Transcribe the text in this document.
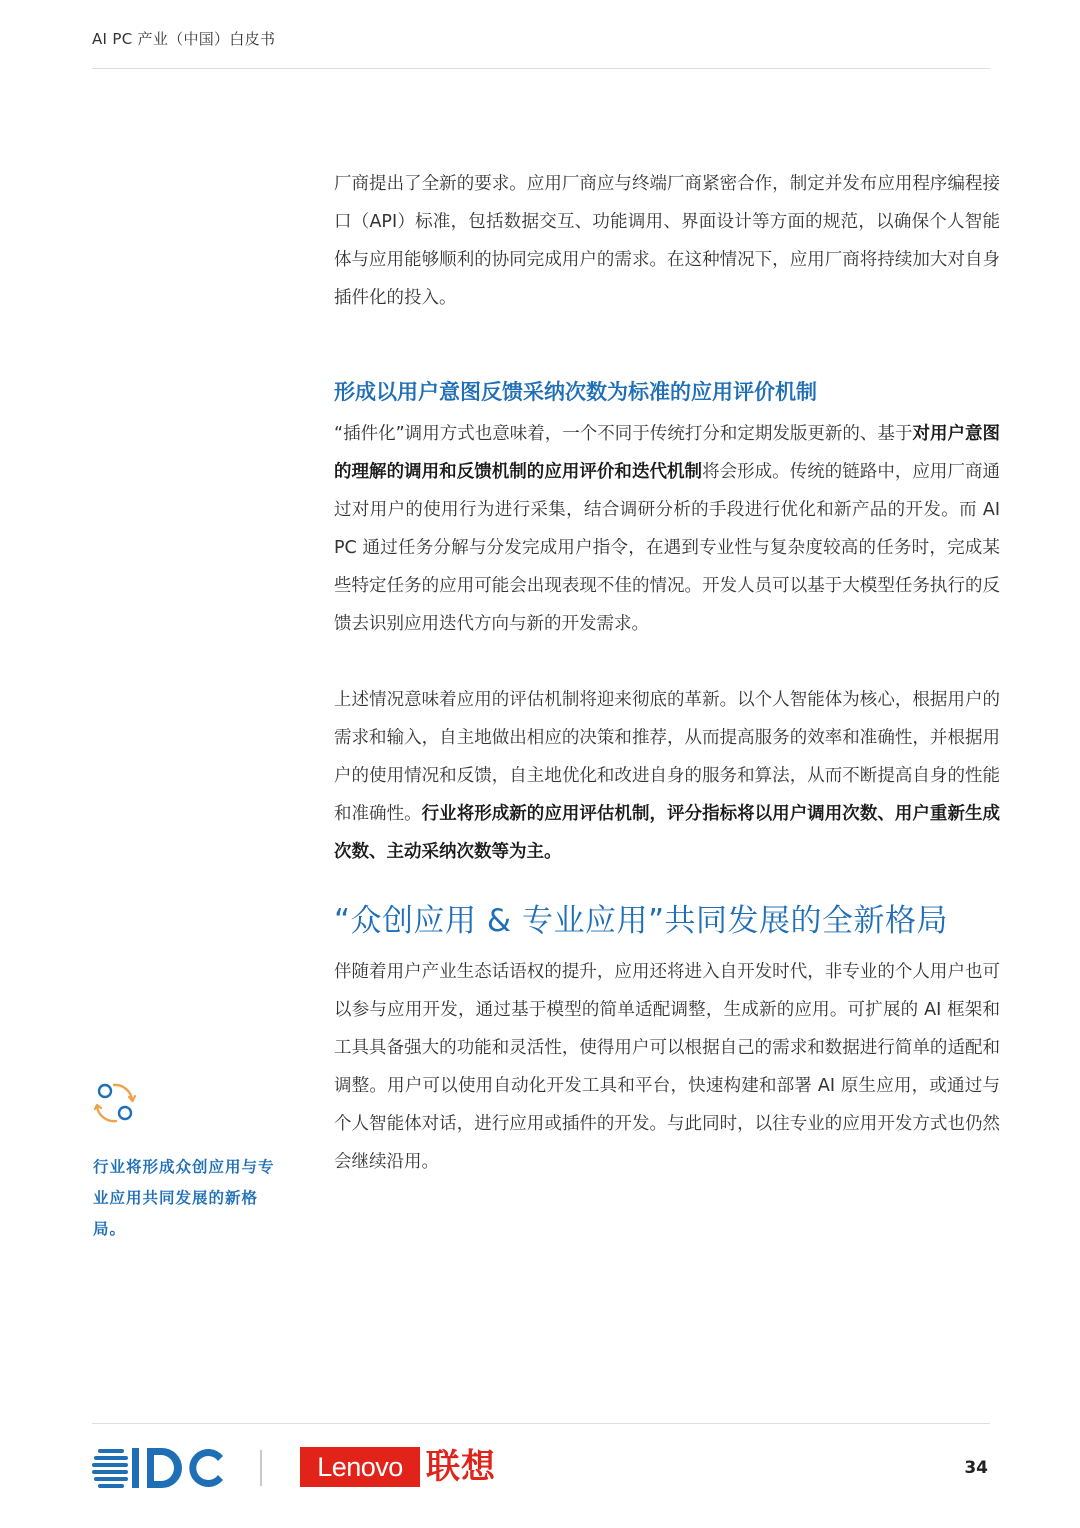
AI PC 产业（中国）白皮书

厂商提出了全新的要求。应用厂商应与终端厂商紧密合作，制定并发布应用程序编程接口（API）标准，包括数据交互、功能调用、界面设计等方面的规范，以确保个人智能体与应用能够顺利的协同完成用户的需求。在这种情况下，应用厂商将持续加大对自身插件化的投入。

形成以用户意图反馈采纳次数为标准的应用评价机制

“插件化”调用方式也意味着，一个不同于传统打分和定期发版更新的、基于对用户意图的理解的调用和反馈机制的应用评价和迭代机制将会形成。传统的链路中，应用厂商通过对用户的使用行为进行采集，结合调研分析的手段进行优化和新产品的开发。而 AI PC 通过任务分解与分发完成用户指令，在遇到专业性与复杂度较高的任务时，完成某些特定任务的应用可能会出现表现不佳的情况。开发人员可以基于大模型任务执行的反馈去识别应用迭代方向与新的开发需求。

上述情况意味着应用的评估机制将迎来彻底的革新。以个人智能体为核心，根据用户的需求和输入，自主地做出相应的决策和推荐，从而提高服务的效率和准确性，并根据用户的使用情况和反馈，自主地优化和改进自身的服务和算法，从而不断提高自身的性能和准确性。行业将形成新的应用评估机制，评分指标将以用户调用次数、用户重新生成次数、主动采纳次数等为主。

“众创应用 & 专业应用”共同发展的全新格局

伴随着用户产业生态话语权的提升，应用还将进入自开发时代，非专业的个人用户也可以参与应用开发，通过基于模型的简单适配调整，生成新的应用。可扩展的 AI 框架和工具具备强大的功能和灵活性，使得用户可以根据自己的需求和数据进行简单的适配和调整。用户可以使用自动化开发工具和平台，快速构建和部署 AI 原生应用，或通过与个人智能体对话，进行应用或插件的开发。与此同时，以往专业的应用开发方式也仍然会继续沿用。

行业将形成众创应用与专业应用共同发展的新格局。
Lenovo 联想	34
